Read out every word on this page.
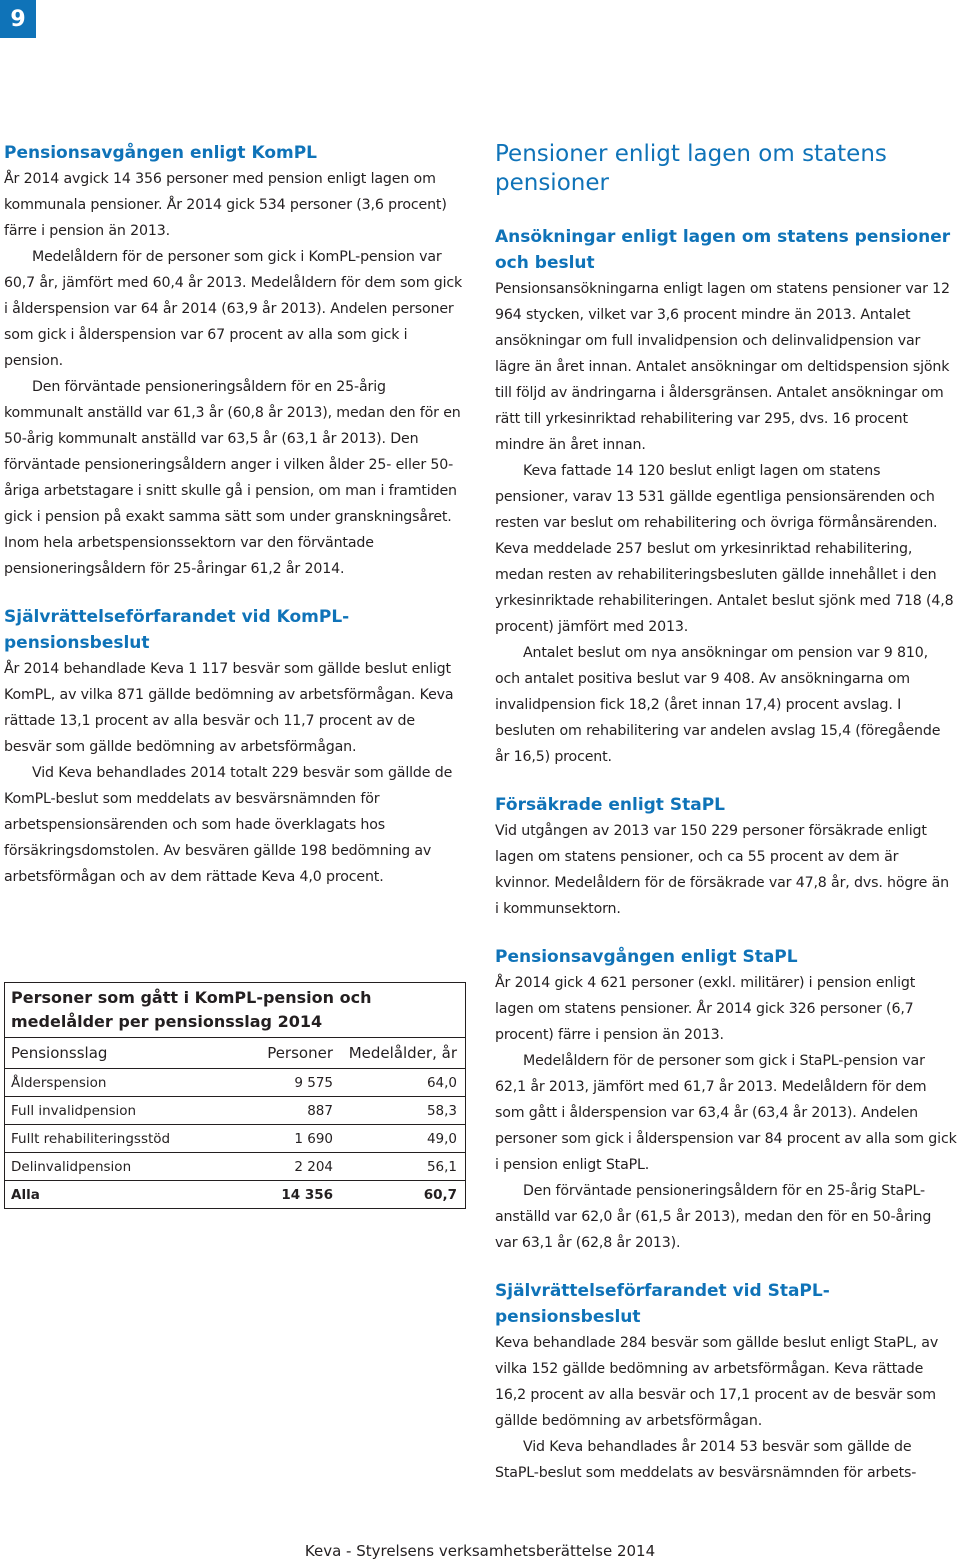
9
Pensionsavgången enligt KomPL

År 2014 avgick 14 356 personer med pension enligt lagen om kommunala pensioner. År 2014 gick 534 personer (3,6 procent) färre i pension än 2013.

Medelåldern för de personer som gick i KomPL-pension var 60,7 år, jämfört med 60,4 år 2013. Medelåldern för dem som gick i ålderspension var 64 år 2014 (63,9 år 2013). Andelen personer som gick i ålderspension var 67 procent av alla som gick i pension.

Den förväntade pensioneringsåldern för en 25-årig kommunalt anställd var 61,3 år (60,8 år 2013), medan den för en 50-årig kommunalt anställd var 63,5 år (63,1 år 2013). Den förväntade pensioneringsåldern anger i vilken ålder 25- eller 50-åriga arbetstagare i snitt skulle gå i pension, om man i framtiden gick i pension på exakt samma sätt som under granskningsåret. Inom hela arbetspensionssektorn var den förväntade pensioneringsåldern för 25-åringar 61,2 år 2014.

Självrättelseförfarandet vid KomPL-pensionsbeslut

År 2014 behandlade Keva 1 117 besvär som gällde beslut enligt KomPL, av vilka 871 gällde bedömning av arbetsförmågan. Keva rättade 13,1 procent av alla besvär och 11,7 procent av de besvär som gällde bedömning av arbetsförmågan.

Vid Keva behandlades 2014 totalt 229 besvär som gällde de KomPL-beslut som meddelats av besvärsnämnden för arbetspensionsärenden och som hade överklagats hos försäkringsdomstolen. Av besvären gällde 198 bedömning av arbetsförmågan och av dem rättade Keva 4,0 procent.

Personer som gått i KomPL-pension och medelålder per pensionsslag 2014
Pensionsslag	Personer	Medelålder, år
Ålderspension	9 575	64,0
Full invalidpension	887	58,3
Fullt rehabiliteringsstöd	1 690	49,0
Delinvalidpension	2 204	56,1
Alla	14 356	60,7
Pensioner enligt lagen om statens pensioner
Ansökningar enligt lagen om statens pensioner och beslut

Pensionsansökningarna enligt lagen om statens pensioner var 12 964 stycken, vilket var 3,6 procent mindre än 2013. Antalet ansökningar om full invalidpension och delinvalidpension var lägre än året innan. Antalet ansökningar om deltidspension sjönk till följd av ändringarna i åldersgränsen. Antalet ansökningar om rätt till yrkesinriktad rehabilitering var 295, dvs. 16 procent mindre än året innan.

Keva fattade 14 120 beslut enligt lagen om statens pensioner, varav 13 531 gällde egentliga pensionsärenden och resten var beslut om rehabilitering och övriga förmånsärenden. Keva meddelade 257 beslut om yrkesinriktad rehabilitering, medan resten av rehabiliteringsbesluten gällde innehållet i den yrkesinriktade rehabiliteringen. Antalet beslut sjönk med 718 (4,8 procent) jämfört med 2013.

Antalet beslut om nya ansökningar om pension var 9 810, och antalet positiva beslut var 9 408. Av ansökningarna om invalidpension fick 18,2 (året innan 17,4) procent avslag. I besluten om rehabilitering var andelen avslag 15,4 (föregående år 16,5) procent.

Försäkrade enligt StaPL

Vid utgången av 2013 var 150 229 personer försäkrade enligt lagen om statens pensioner, och ca 55 procent av dem är kvinnor. Medelåldern för de försäkrade var 47,8 år, dvs. högre än i kommunsektorn.

Pensionsavgången enligt StaPL

År 2014 gick 4 621 personer (exkl. militärer) i pension enligt lagen om statens pensioner. År 2014 gick 326 personer (6,7 procent) färre i pension än 2013.

Medelåldern för de personer som gick i StaPL-pension var 62,1 år 2013, jämfört med 61,7 år 2013. Medelåldern för dem som gått i ålderspension var 63,4 år (63,4 år 2013). Andelen personer som gick i ålderspension var 84 procent av alla som gick i pension enligt StaPL.

Den förväntade pensioneringsåldern för en 25-årig StaPL-anställd var 62,0 år (61,5 år 2013), medan den för en 50-åring var 63,1 år (62,8 år 2013).

Självrättelseförfarandet vid StaPL-pensionsbeslut

Keva behandlade 284 besvär som gällde beslut enligt StaPL, av vilka 152 gällde bedömning av arbetsförmågan. Keva rättade 16,2 procent av alla besvär och 17,1 procent av de besvär som gällde bedömning av arbetsförmågan.

Vid Keva behandlades år 2014 53 besvär som gällde de StaPL-beslut som meddelats av besvärsnämnden för arbets-

Keva - Styrelsens verksamhetsberättelse 2014
